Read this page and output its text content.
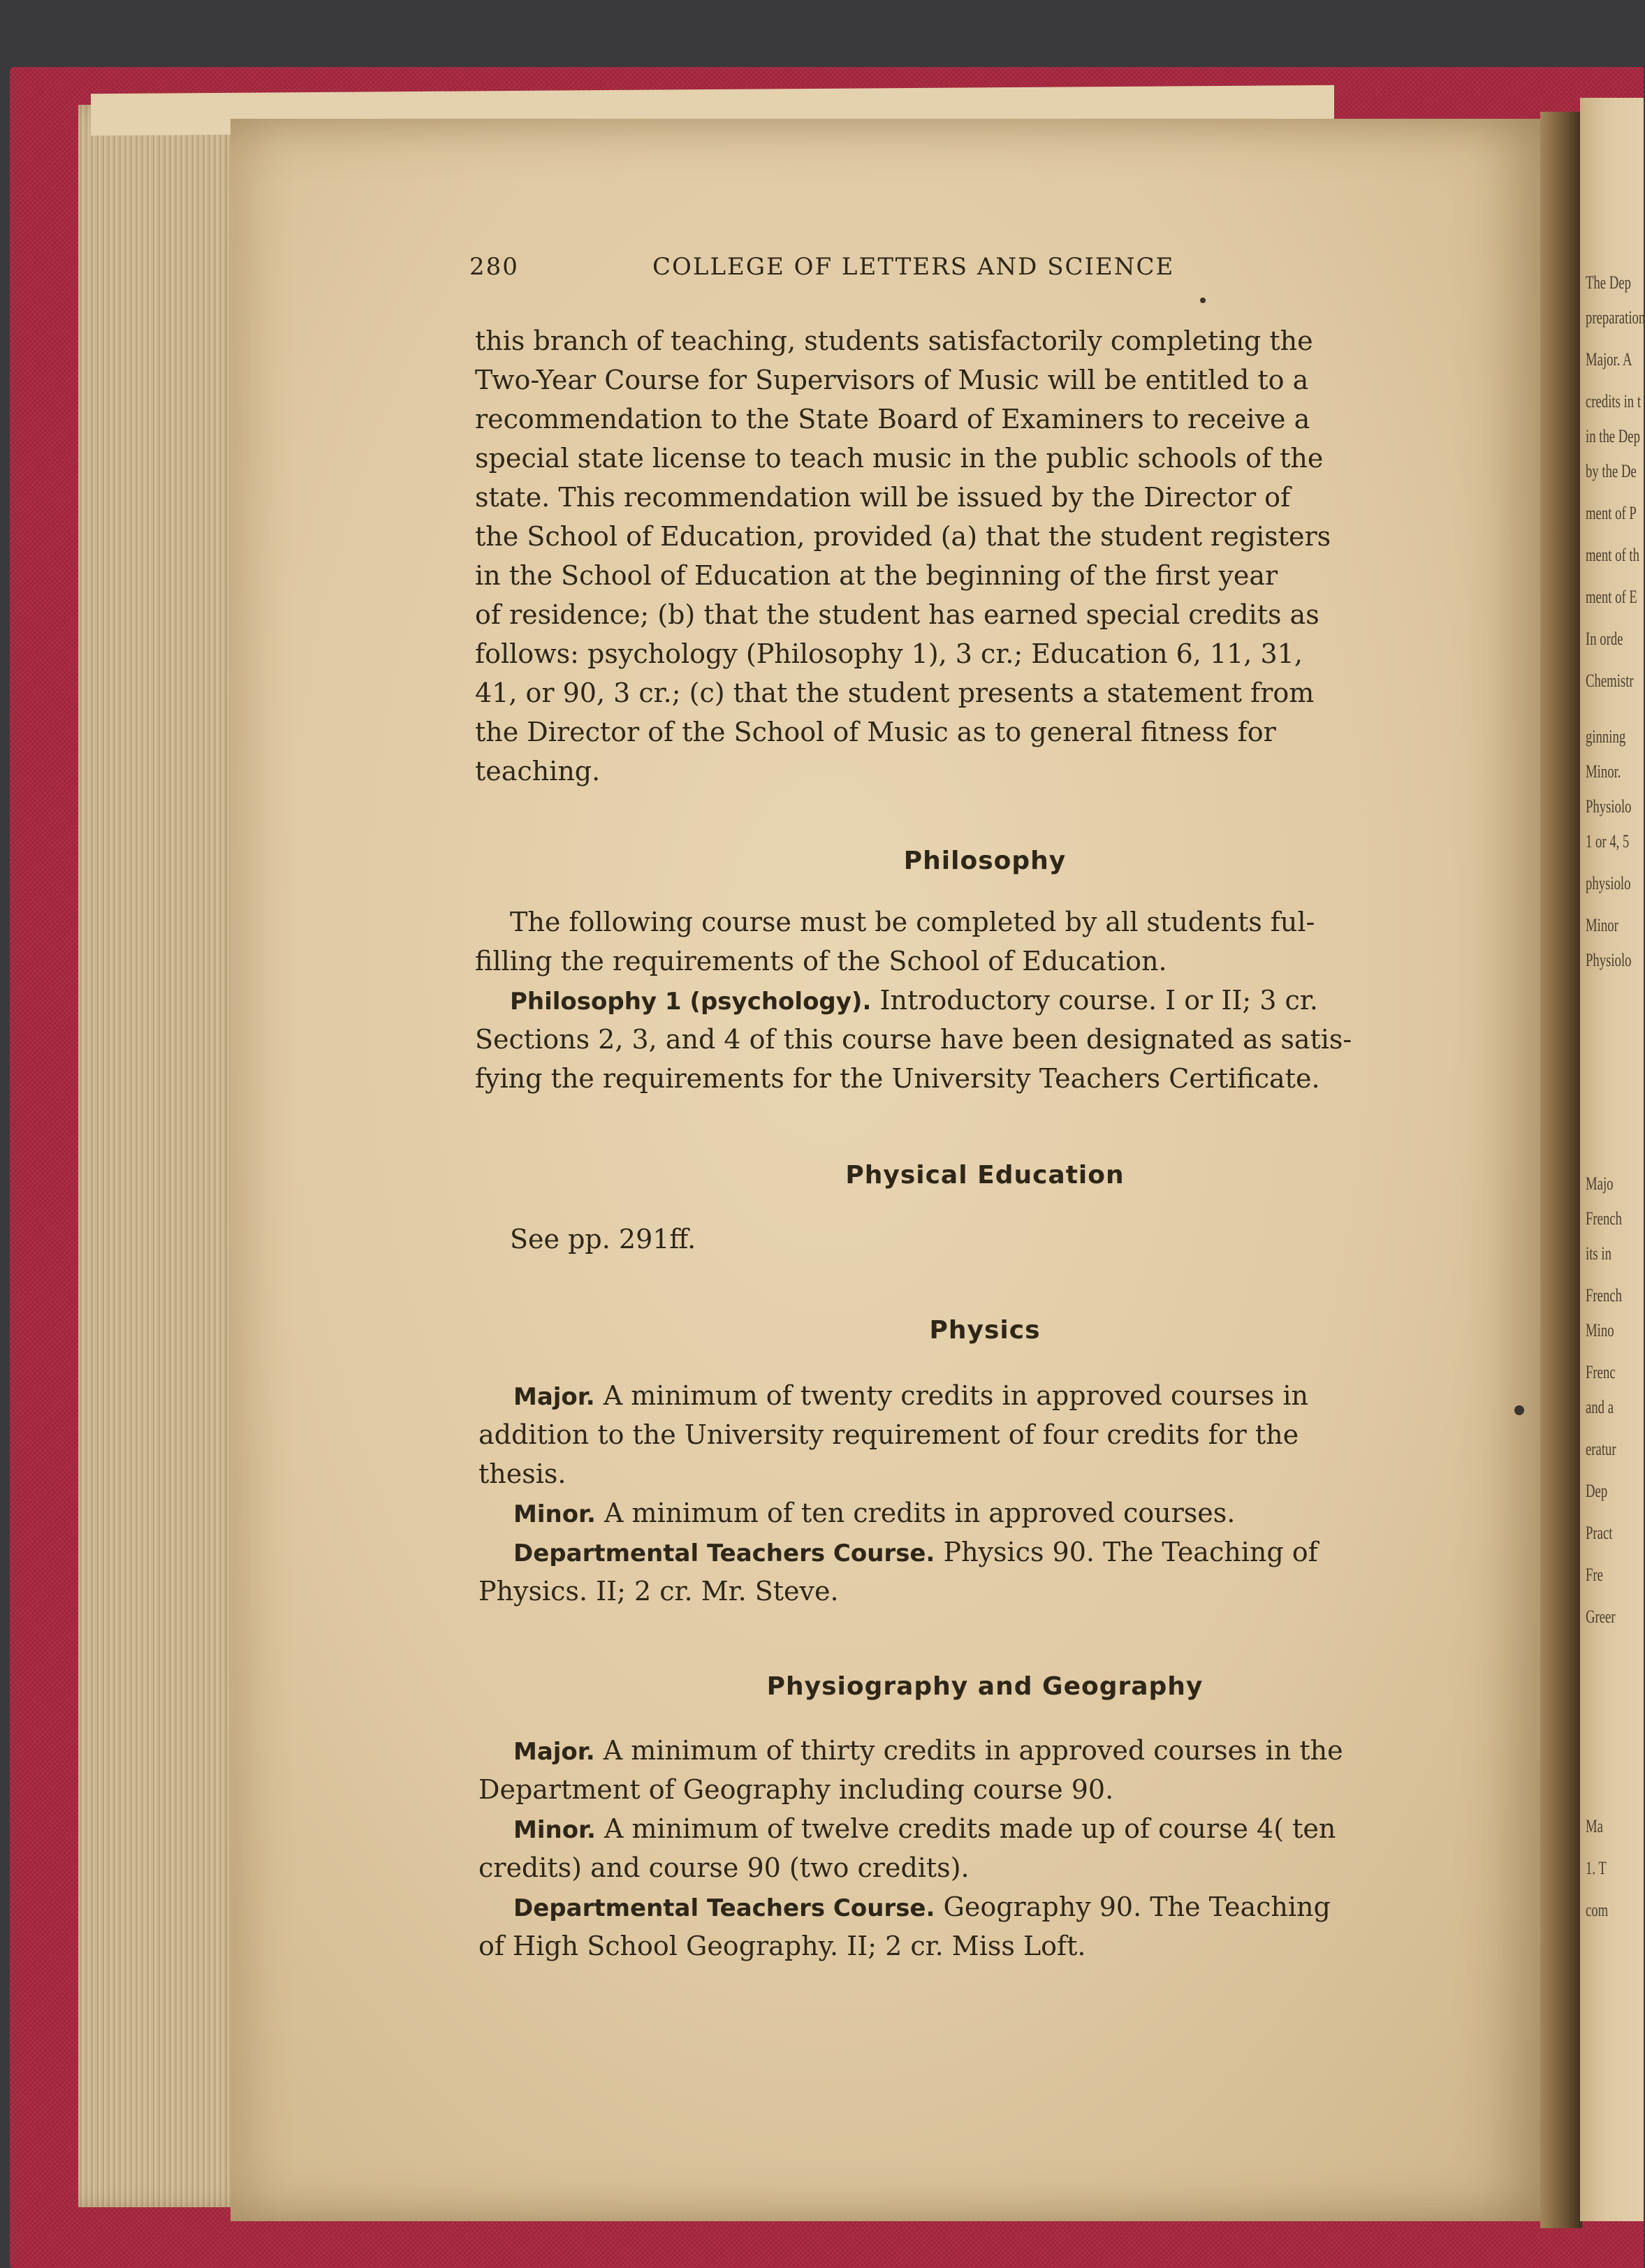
The Dep
preparation
Major. A
credits in t
in the Dep
by the De
ment of P
ment of th
ment of E
In orde
Chemistr
ginning
Minor.
Physiolo
1 or 4, 5
physiolo
Minor
Physiolo
Majo
French
its in
French
Mino
Frenc
and a
eratur
Dep
Pract
Fre
Greer
Ma
1. T
com
280	COLLEGE OF LETTERS AND SCIENCE
this branch of teaching, students satisfactorily completing the
Two-Year Course for Supervisors of Music will be entitled to a
recommendation to the State Board of Examiners to receive a
special state license to teach music in the public schools of the
state. This recommendation will be issued by the Director of
the School of Education, provided (a) that the student registers
in the School of Education at the beginning of the first year
of residence; (b) that the student has earned special credits as
follows: psychology (Philosophy 1), 3 cr.; Education 6, 11, 31,
41, or 90, 3 cr.; (c) that the student presents a statement from
the Director of the School of Music as to general fitness for
teaching.
Philosophy
The following course must be completed by all students ful-
filling the requirements of the School of Education.
Philosophy 1 (psychology). Introductory course. I or II; 3 cr.
Sections 2, 3, and 4 of this course have been designated as satis-
fying the requirements for the University Teachers Certificate.
Physical Education
See pp. 291ff.
Physics
Major. A minimum of twenty credits in approved courses in
addition to the University requirement of four credits for the
thesis.
Minor. A minimum of ten credits in approved courses.
Departmental Teachers Course. Physics 90. The Teaching of
Physics. II; 2 cr. Mr. Steve.
Physiography and Geography
Major. A minimum of thirty credits in approved courses in the
Department of Geography including course 90.
Minor. A minimum of twelve credits made up of course 4( ten
credits) and course 90 (two credits).
Departmental Teachers Course. Geography 90. The Teaching
of High School Geography. II; 2 cr. Miss Loft.
